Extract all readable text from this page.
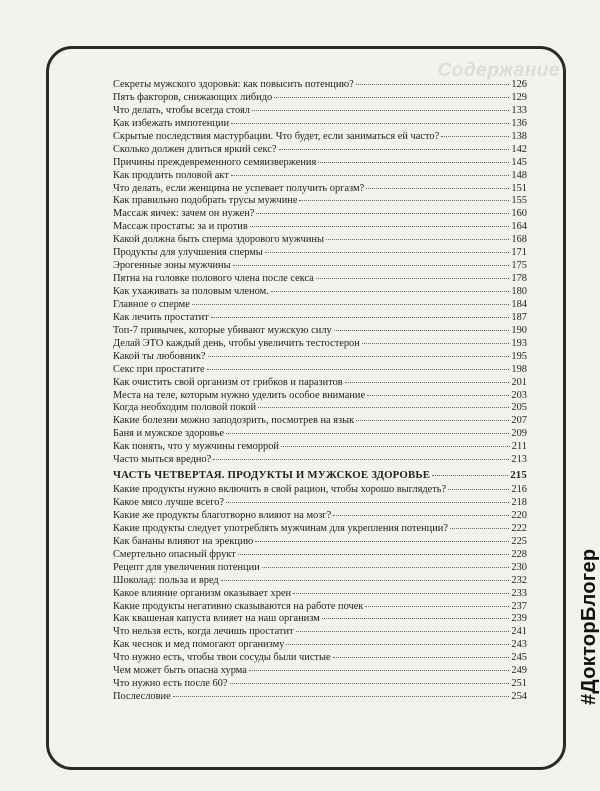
Содержание
#ДокторБлогер
Секреты мужского здоровья: как повысить потенцию?	126
Пять факторов, снижающих либидо	129
Что делать, чтобы всегда стоял	133
Как избежать импотенции	136
Скрытые последствия мастурбации. Что будет, если заниматься ей часто?	138
Сколько должен длиться яркий секс?	142
Причины преждевременного семяизвержения	145
Как продлить половой акт	148
Что делать, если женщина не успевает получить оргазм?	151
Как правильно подобрать трусы мужчине	155
Массаж яичек: зачем он нужен?	160
Массаж простаты: за и против	164
Какой должна быть сперма здорового мужчины	168
Продукты для улучшения спермы	171
Эрогенные зоны мужчины	175
Пятна на головке полового члена после секса	178
Как ухаживать за половым членом.	180
Главное о сперме	184
Как лечить простатит	187
Топ-7 привычек, которые убивают мужскую силу	190
Делай ЭТО каждый день, чтобы увеличить тестостерон	193
Какой ты любовник?	195
Секс при простатите	198
Как очистить свой организм от грибков и паразитов	201
Места на теле, которым нужно уделить особое внимание	203
Когда необходим половой покой	205
Какие болезни можно заподозрить, посмотрев на язык	207
Баня и мужское здоровье	209
Как понять, что у мужчины геморрой	211
Часто мыться вредно?	213
ЧАСТЬ ЧЕТВЕРТАЯ. ПРОДУКТЫ И МУЖСКОЕ ЗДОРОВЬЕ	215
Какие продукты нужно включить в свой рацион, чтобы хорошо выглядеть?	216
Какое мясо лучше всего?	218
Какие же продукты благотворно влияют на мозг?	220
Какие продукты следует употреблять мужчинам для укрепления потенции?	222
Как бананы влияют на эрекцию	225
Смертельно опасный фрукт	228
Рецепт для увеличения потенции	230
Шоколад: польза и вред	232
Какое влияние организм оказывает хрен	233
Какие продукты негативно сказываются на работе почек	237
Как квашеная капуста влияет на наш организм	239
Что нельзя есть, когда лечишь простатит	241
Как чеснок и мед помогают организму	243
Что нужно есть, чтобы твои сосуды были чистые	245
Чем может быть опасна хурма	249
Что нужно есть после 60?	251
Послесловие	254
